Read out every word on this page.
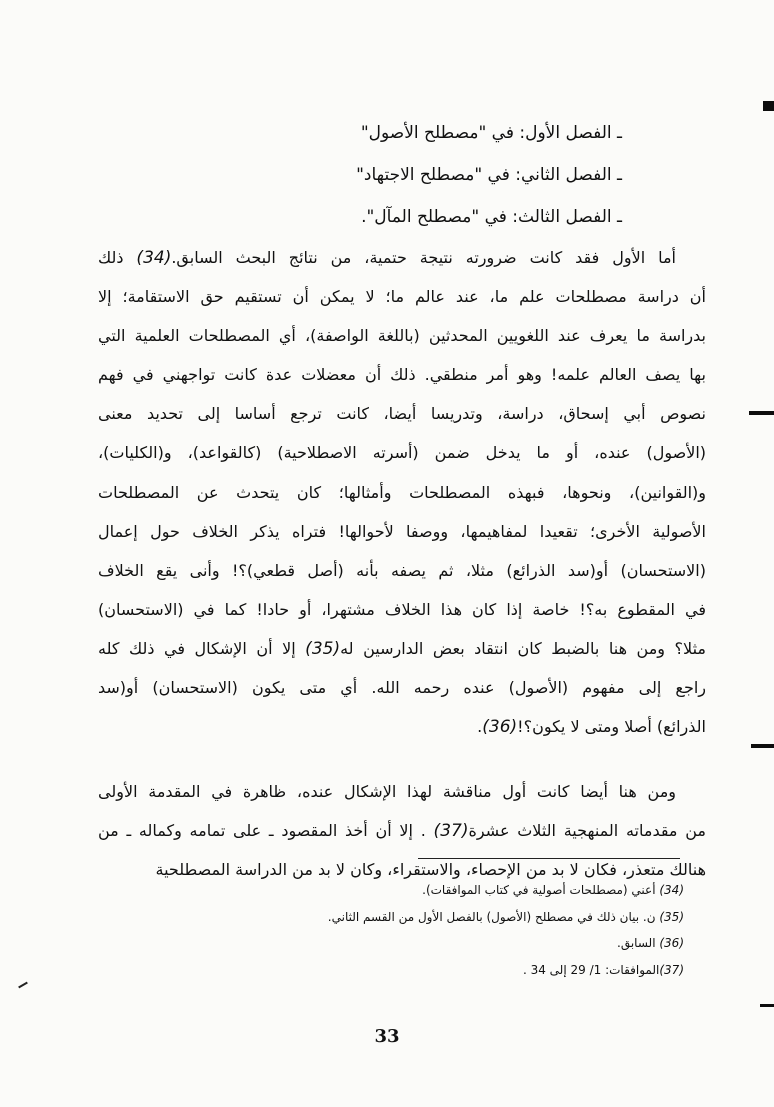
ـ الفصل الأول: في "مصطلح الأصول"
ـ الفصل الثاني: في "مصطلح الاجتهاد"
ـ الفصل الثالث: في "مصطلح المآل".
أما الأول فقد كانت ضرورته نتيجة حتمية، من نتائج البحث السابق.(34) ذلك
أن دراسة مصطلحات علم ما، عند عالم ما؛ لا يمكن أن تستقيم حق الاستقامة؛ إلا
بدراسة ما يعرف عند اللغويين المحدثين (باللغة الواصفة)، أي المصطلحات العلمية التي
بها يصف العالم علمه! وهو أمر منطقي. ذلك أن معضلات عدة كانت تواجهني في فهم
نصوص أبي إسحاق، دراسة، وتدريسا أيضا، كانت ترجع أساسا إلى تحديد معنى
(الأصول) عنده، أو ما يدخل ضمن (أسرته الاصطلاحية) (كالقواعد)، و(الكليات)،
و(القوانين)، ونحوها، فبهذه المصطلحات وأمثالها؛ كان يتحدث عن المصطلحات
الأصولية الأخرى؛ تقعيدا لمفاهيمها، ووصفا لأحوالها! فتراه يذكر الخلاف حول إعمال
(الاستحسان) أو(سد الذرائع) مثلا، ثم يصفه بأنه (أصل قطعي)؟! وأنى يقع الخلاف
في المقطوع به؟! خاصة إذا كان هذا الخلاف مشتهرا، أو حادا! كما في (الاستحسان)
مثلا؟ ومن هنا بالضبط كان انتقاد بعض الدارسين له(35) إلا أن الإشكال في ذلك كله
راجع إلى مفهوم (الأصول) عنده رحمه الله. أي متى يكون (الاستحسان) أو(سد
الذرائع) أصلا ومتى لا يكون؟!(36).
ومن هنا أيضا كانت أول مناقشة لهذا الإشكال عنده، ظاهرة في المقدمة الأولى
من مقدماته المنهجية الثلاث عشرة(37) . إلا أن أخذ المقصود ـ على تمامه وكماله ـ من
هنالك متعذر، فكان لا بد من الإحصاء، والاستقراء، وكان لا بد من الدراسة المصطلحية
(34) أعني (مصطلحات أصولية في كتاب الموافقات).
(35) ن. بيان ذلك في مصطلح (الأصول) بالفصل الأول من القسم الثاني.
(36) السابق.
(37)الموافقات: 1/ 29 إلى 34 .
33
